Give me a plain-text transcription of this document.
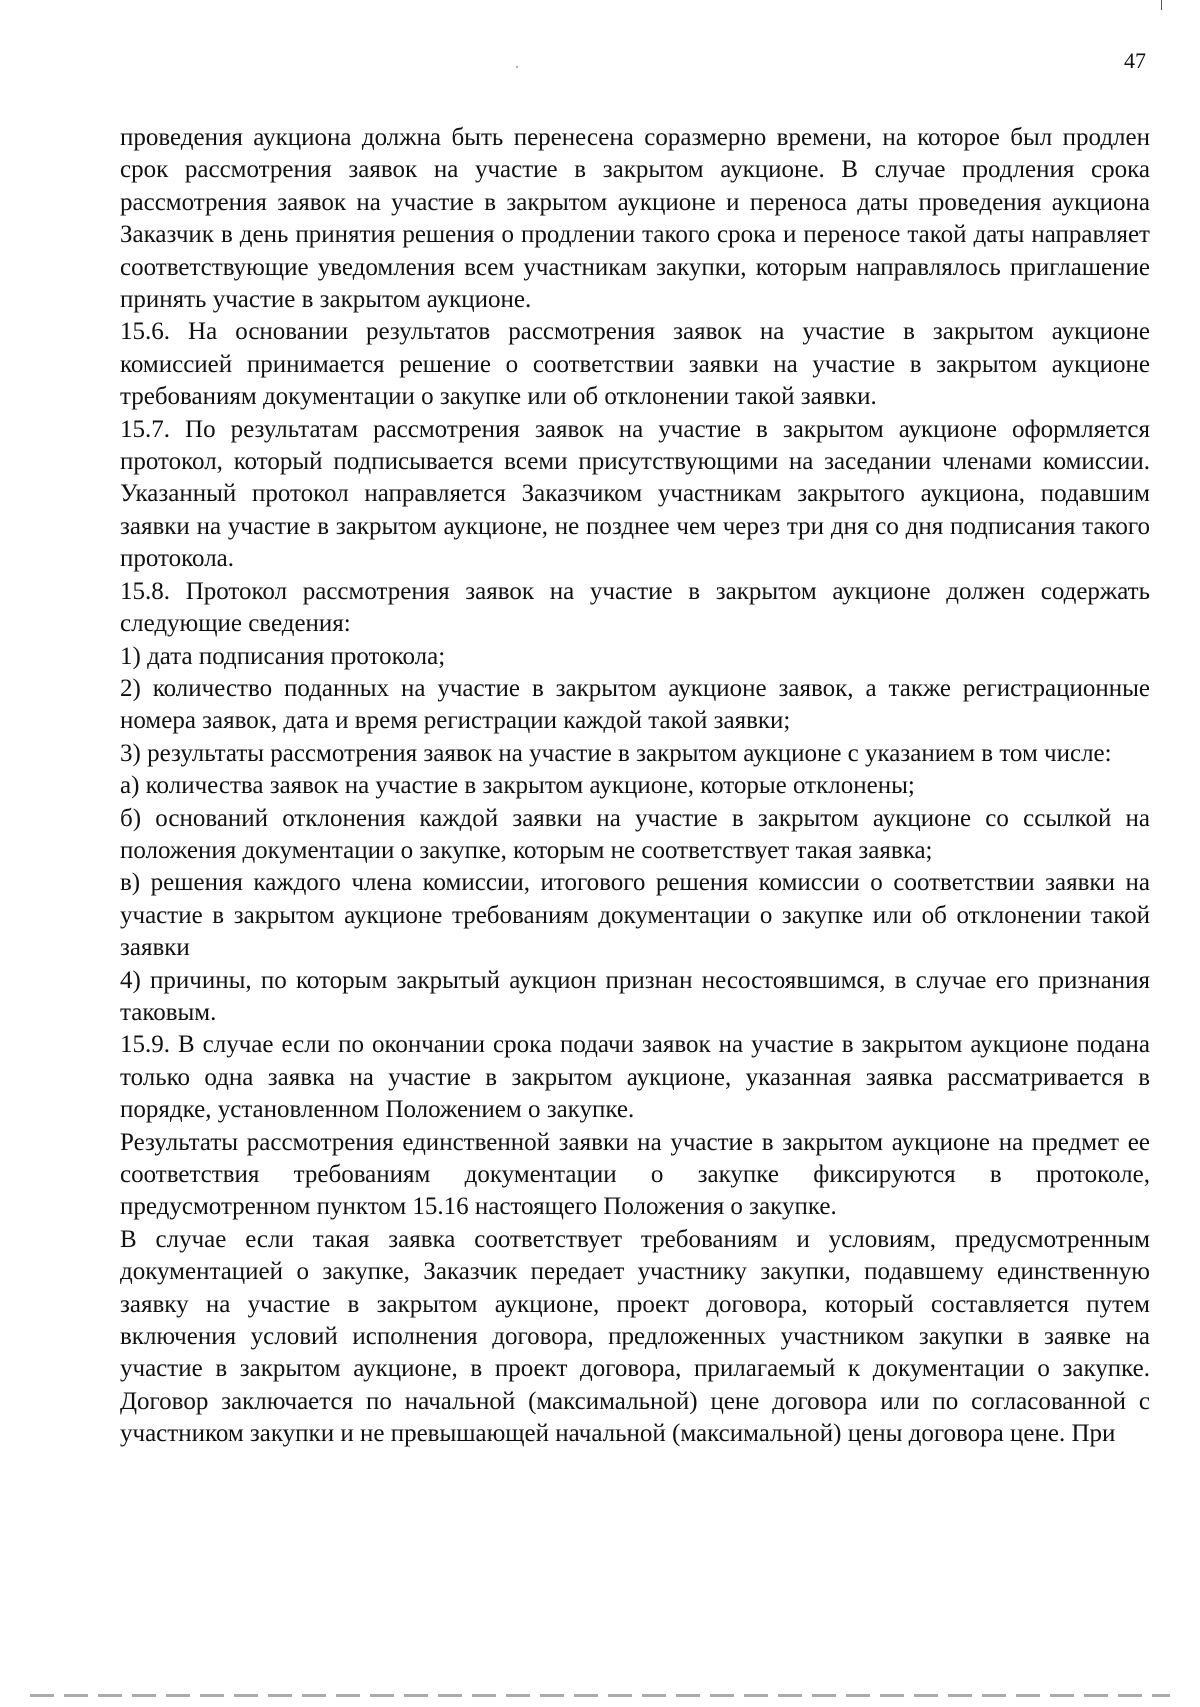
47

проведения аукциона должна быть перенесена соразмерно времени, на которое был продлен срок рассмотрения заявок на участие в закрытом аукционе. В случае продления срока рассмотрения заявок на участие в закрытом аукционе и переноса даты проведения аукциона Заказчик в день принятия решения о продлении такого срока и переносе такой даты направляет соответствующие уведомления всем участникам закупки, которым направлялось приглашение принять участие в закрытом аукционе.

15.6. На основании результатов рассмотрения заявок на участие в закрытом аукционе комиссией принимается решение о соответствии заявки на участие в закрытом аукционе требованиям документации о закупке или об отклонении такой заявки.

15.7. По результатам рассмотрения заявок на участие в закрытом аукционе оформляется протокол, который подписывается всеми присутствующими на заседании членами комиссии. Указанный протокол направляется Заказчиком участникам закрытого аукциона, подавшим заявки на участие в закрытом аукционе, не позднее чем через три дня со дня подписания такого протокола.

15.8. Протокол рассмотрения заявок на участие в закрытом аукционе должен содержать следующие сведения:

1) дата подписания протокола;

2) количество поданных на участие в закрытом аукционе заявок, а также регистрационные номера заявок, дата и время регистрации каждой такой заявки;

3) результаты рассмотрения заявок на участие в закрытом аукционе с указанием в том числе:

а) количества заявок на участие в закрытом аукционе, которые отклонены;

б) оснований отклонения каждой заявки на участие в закрытом аукционе со ссылкой на положения документации о закупке, которым не соответствует такая заявка;

в) решения каждого члена комиссии, итогового решения комиссии о соответствии заявки на участие в закрытом аукционе требованиям документации о закупке или об отклонении такой заявки

4) причины, по которым закрытый аукцион признан несостоявшимся, в случае его признания таковым.

15.9. В случае если по окончании срока подачи заявок на участие в закрытом аукционе подана только одна заявка на участие в закрытом аукционе, указанная заявка рассматривается в порядке, установленном Положением о закупке.

Результаты рассмотрения единственной заявки на участие в закрытом аукционе на предмет ее соответствия требованиям документации о закупке фиксируются в протоколе, предусмотренном пунктом 15.16 настоящего Положения о закупке.

В случае если такая заявка соответствует требованиям и условиям, предусмотренным документацией о закупке, Заказчик передает участнику закупки, подавшему единственную заявку на участие в закрытом аукционе, проект договора, который составляется путем включения условий исполнения договора, предложенных участником закупки в заявке на участие в закрытом аукционе, в проект договора, прилагаемый к документации о закупке. Договор заключается по начальной (максимальной) цене договора или по согласованной с участником закупки и не превышающей начальной (максимальной) цены договора цене. При
